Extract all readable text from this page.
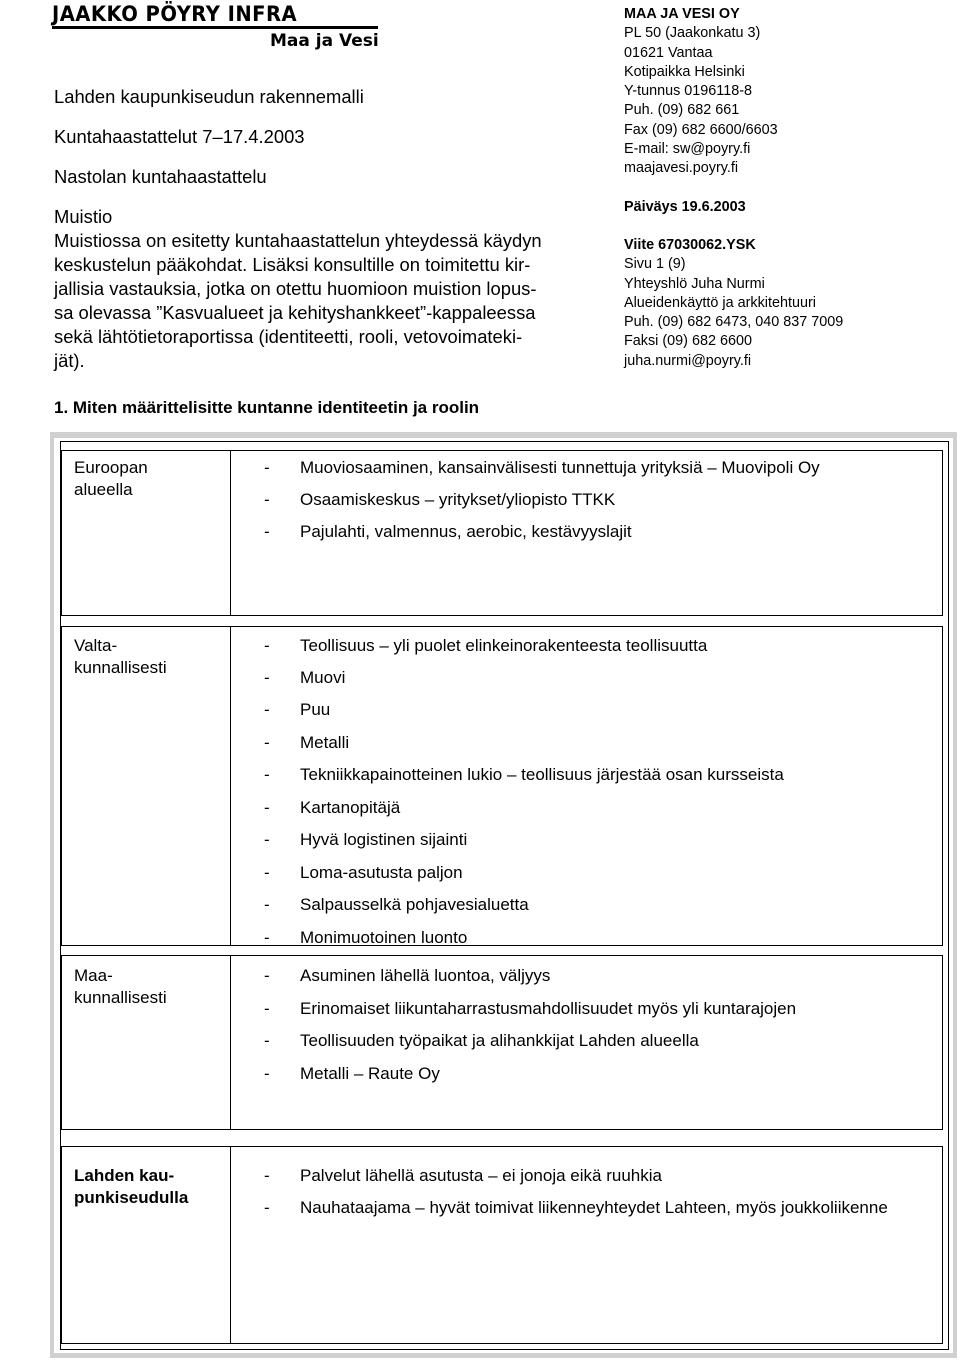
JAAKKO PÖYRY INFRA
Maa ja Vesi

Lahden kaupunkiseudun rakennemalli

Kuntahaastattelut 7–17.4.2003

Nastolan kuntahaastattelu

Muistio

Muistiossa on esitetty kuntahaastattelun yhteydessä käydyn

keskustelun pääkohdat. Lisäksi konsultille on toimitettu kir-

jallisia vastauksia, jotka on otettu huomioon muistion lopus-

sa olevassa ”Kasvualueet ja kehityshankkeet”-kappaleessa

sekä lähtötietoraportissa (identiteetti, rooli, vetovoimateki-

jät).

MAA JA VESI OY

PL 50 (Jaakonkatu 3)

01621 Vantaa

Kotipaikka Helsinki

Y-tunnus 0196118-8

Puh. (09) 682 661

Fax (09) 682 6600/6603

E-mail: sw@poyry.fi

maajavesi.poyry.fi

Päiväys 19.6.2003

Viite 67030062.YSK

Sivu 1 (9)

Yhteyshlö Juha Nurmi

Alueidenkäyttö ja arkkitehtuuri

Puh. (09) 682 6473, 040 837 7009

Faksi (09) 682 6600

juha.nurmi@poyry.fi

1. Miten määrittelisitte kuntanne identiteetin ja roolin
Euroopan
alueella
- Muoviosaaminen, kansainvälisesti tunnettuja yrityksiä – Muovipoli Oy
- Osaamiskeskus – yritykset/yliopisto TTKK
- Pajulahti, valmennus, aerobic, kestävyyslajit
Valta-
kunnallisesti
- Teollisuus – yli puolet elinkeinorakenteesta teollisuutta
- Muovi
- Puu
- Metalli
- Tekniikkapainotteinen lukio – teollisuus järjestää osan kursseista
- Kartanopitäjä
- Hyvä logistinen sijainti
- Loma-asutusta paljon
- Salpausselkä pohjavesialuetta
- Monimuotoinen luonto
Maa-
kunnallisesti
- Asuminen lähellä luontoa, väljyys
- Erinomaiset liikuntaharrastusmahdollisuudet myös yli kuntarajojen
- Teollisuuden työpaikat ja alihankkijat Lahden alueella
- Metalli – Raute Oy
Lahden kau-
punkiseudulla
- Palvelut lähellä asutusta – ei jonoja eikä ruuhkia
- Nauhataajama – hyvät toimivat liikenneyhteydet Lahteen, myös joukkoliikenne
